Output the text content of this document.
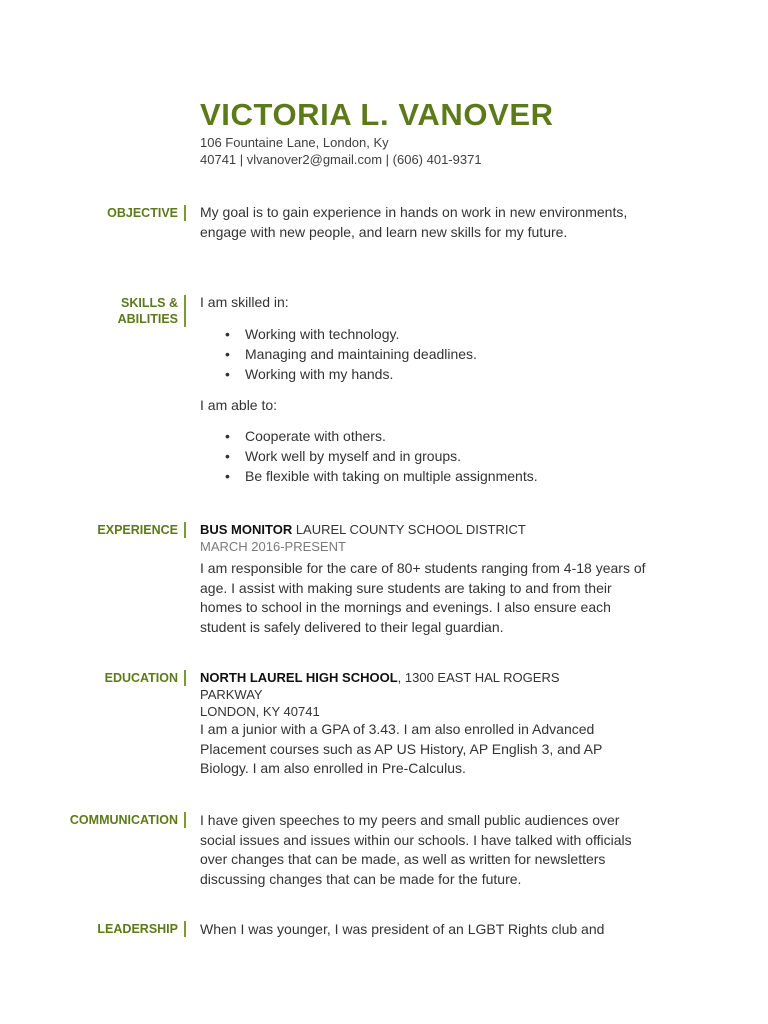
VICTORIA L. VANOVER
106 Fountaine Lane, London, Ky
40741 | vlvanover2@gmail.com | (606) 401-9371
OBJECTIVE My goal is to gain experience in hands on work in new environments, engage with new people, and learn new skills for my future.
SKILLS &
ABILITIES

I am skilled in:

• Working with technology.
• Managing and maintaining deadlines.
• Working with my hands.

I am able to:

• Cooperate with others.
• Work well by myself and in groups.
• Be flexible with taking on multiple assignments.
EXPERIENCE	BUS MONITOR LAUREL COUNTY SCHOOL DISTRICT
MARCH 2016-PRESENT

I am responsible for the care of 80+ students ranging from 4-18 years of age. I assist with making sure students are taking to and from their homes to school in the mornings and evenings. I also ensure each student is safely delivered to their legal guardian.

EDUCATION	NORTH LAUREL HIGH SCHOOL, 1300 EAST HAL ROGERS PARKWAY
LONDON, KY 40741

I am a junior with a GPA of 3.43. I am also enrolled in Advanced Placement courses such as AP US History, AP English 3, and AP Biology. I am also enrolled in Pre-Calculus.

COMMUNICATION I have given speeches to my peers and small public audiences over social issues and issues within our schools. I have talked with officials over changes that can be made, as well as written for newsletters discussing changes that can be made for the future.
LEADERSHIP When I was younger, I was president of an LGBT Rights club and
